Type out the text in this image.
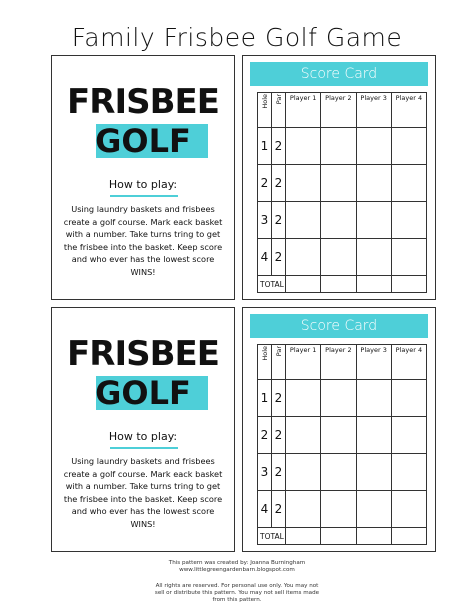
Family Frisbee Golf Game
FRISBEE
GOLF
How to play:
Using laundry baskets and frisbees create a golf course. Mark eack basket with a number. Take turns tring to get the frisbee into the basket. Keep score and who ever has the lowest score WINS!
Score Card
Hole	Par	Player 1	Player 2	Player 3	Player 4
1	2				
2	2				
3	2				
4	2				
TOTAL					
FRISBEE
GOLF
How to play:
Using laundry baskets and frisbees create a golf course. Mark eack basket with a number. Take turns tring to get the frisbee into the basket. Keep score and who ever has the lowest score WINS!
Score Card
Hole	Par	Player 1	Player 2	Player 3	Player 4
1	2				
2	2				
3	2				
4	2				
TOTAL					
This pattern was created by: Joanna Burningham
www.littlegreengardenbarn.blogspot.com
All rights are reserved. For personal use only. You may not
sell or distribute this pattern. You may not sell items made
from this pattern.
